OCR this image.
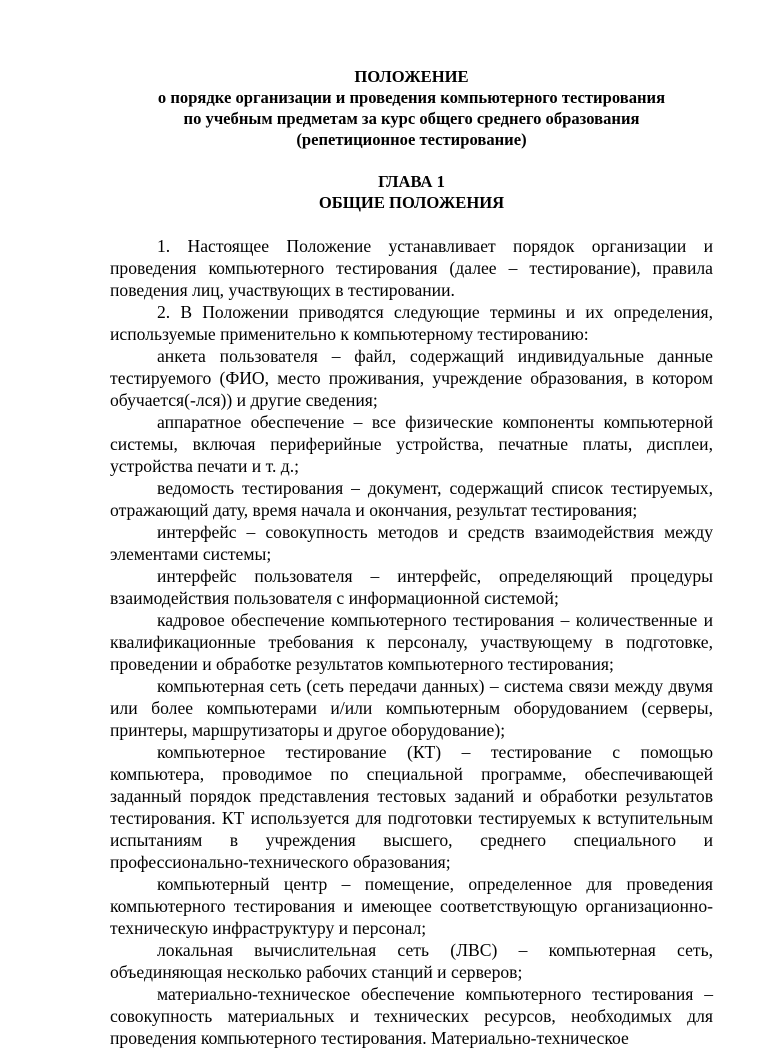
ПОЛОЖЕНИЕ
о порядке организации и проведения компьютерного тестирования
по учебным предметам за курс общего среднего образования
(репетиционное тестирование)
ГЛАВА 1
ОБЩИЕ ПОЛОЖЕНИЯ

1. Настоящее Положение устанавливает порядок организации и проведения компьютерного тестирования (далее – тестирование), правила поведения лиц, участвующих в тестировании.

2. В Положении приводятся следующие термины и их определения, используемые применительно к компьютерному тестированию:

анкета пользователя – файл, содержащий индивидуальные данные тестируемого (ФИО, место проживания, учреждение образования, в котором обучается(-лся)) и другие сведения;

аппаратное обеспечение – все физические компоненты компьютерной системы, включая периферийные устройства, печатные платы, дисплеи, устройства печати и т. д.;

ведомость тестирования – документ, содержащий список тестируемых, отражающий дату, время начала и окончания, результат тестирования;

интерфейс – совокупность методов и средств взаимодействия между элементами системы;

интерфейс пользователя – интерфейс, определяющий процедуры взаимодействия пользователя с информационной системой;

кадровое обеспечение компьютерного тестирования – количественные и квалификационные требования к персоналу, участвующему в подготовке, проведении и обработке результатов компьютерного тестирования;

компьютерная сеть (сеть передачи данных) – система связи между двумя или более компьютерами и/или компьютерным оборудованием (серверы, принтеры, маршрутизаторы и другое оборудование);

компьютерное тестирование (КТ) – тестирование с помощью компьютера, проводимое по специальной программе, обеспечивающей заданный порядок представления тестовых заданий и обработки результатов тестирования. КТ используется для подготовки тестируемых к вступительным испытаниям в учреждения высшего, среднего специального и профессионально-технического образования;

компьютерный центр – помещение, определенное для проведения компьютерного тестирования и имеющее соответствующую организационно-техническую инфраструктуру и персонал;

локальная вычислительная сеть (ЛВС) – компьютерная сеть, объединяющая несколько рабочих станций и серверов;

материально-техническое обеспечение компьютерного тестирования – совокупность материальных и технических ресурсов, необходимых для проведения компьютерного тестирования. Материально-техническое
